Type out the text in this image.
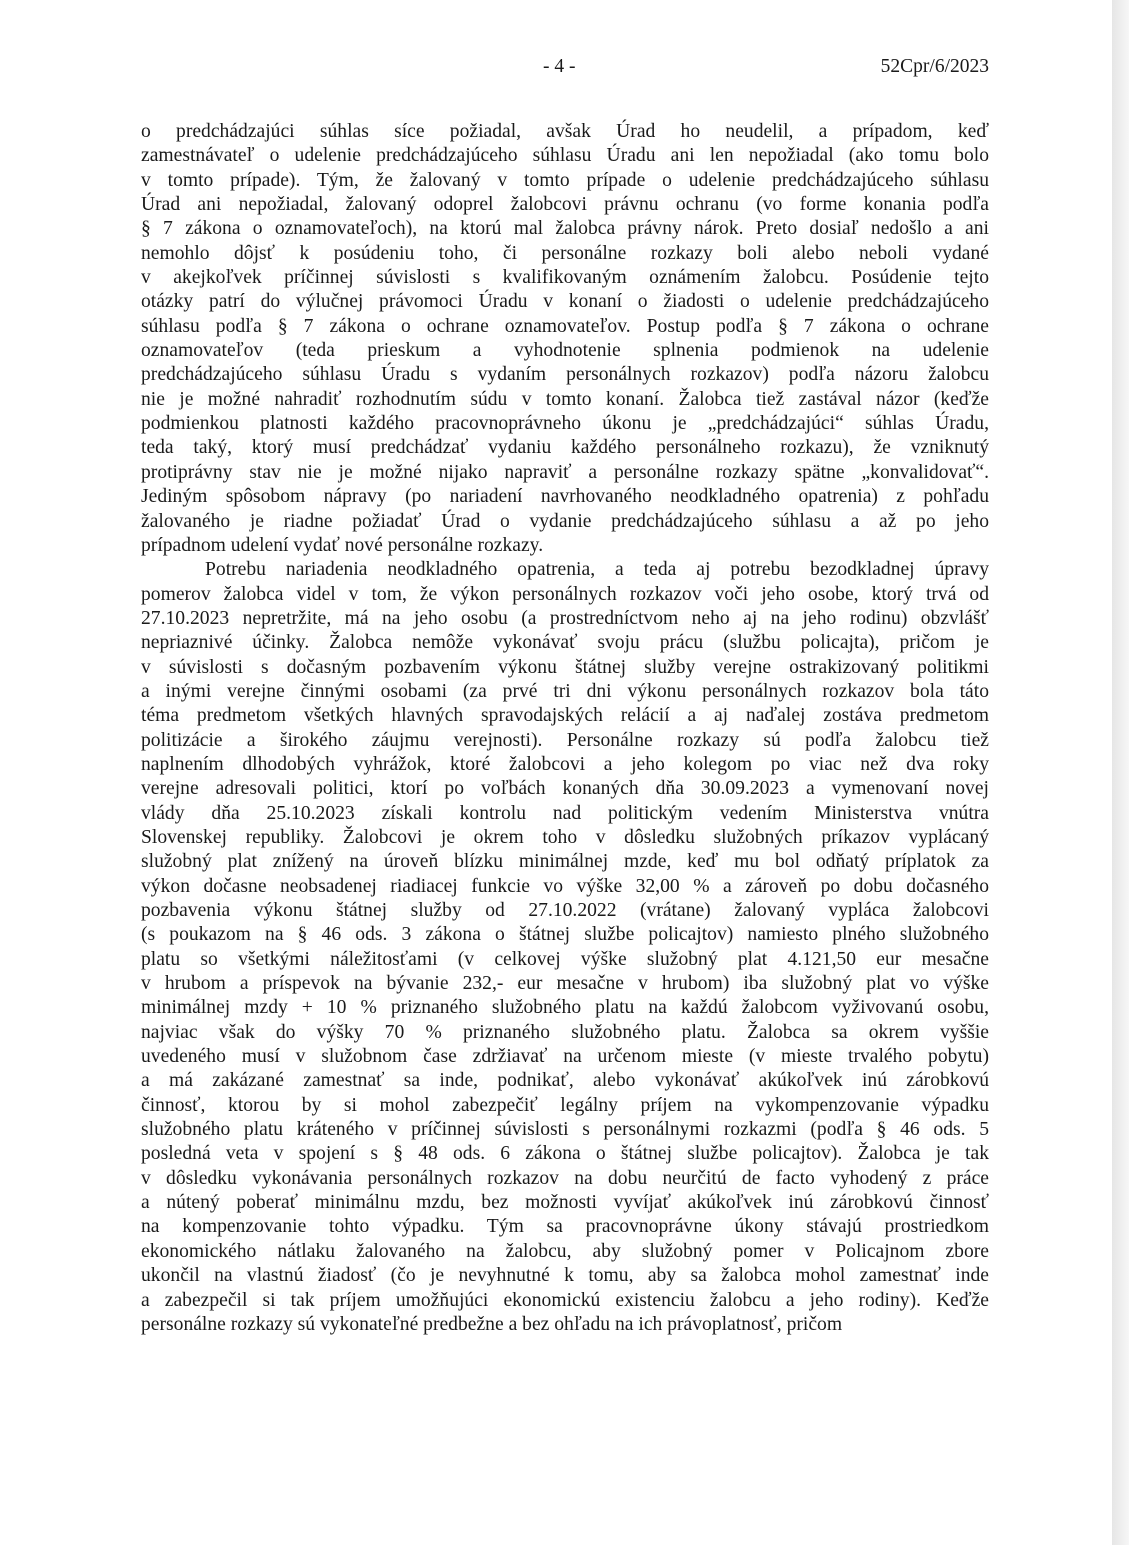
- 4 -	52Cpr/6/2023

o predchádzajúci súhlas síce požiadal, avšak Úrad ho neudelil, a prípadom, keď
zamestnávateľ o udelenie predchádzajúceho súhlasu Úradu ani len nepožiadal (ako tomu bolo
v tomto prípade). Tým, že žalovaný v tomto prípade o udelenie predchádzajúceho súhlasu
Úrad ani nepožiadal, žalovaný odoprel žalobcovi právnu ochranu (vo forme konania podľa
§ 7 zákona o oznamovateľoch), na ktorú mal žalobca právny nárok. Preto dosiaľ nedošlo a ani
nemohlo dôjsť k posúdeniu toho, či personálne rozkazy boli alebo neboli vydané
v akejkoľvek príčinnej súvislosti s kvalifikovaným oznámením žalobcu. Posúdenie tejto
otázky patrí do výlučnej právomoci Úradu v konaní o žiadosti o udelenie predchádzajúceho
súhlasu podľa § 7 zákona o ochrane oznamovateľov. Postup podľa § 7 zákona o ochrane
oznamovateľov (teda prieskum a vyhodnotenie splnenia podmienok na udelenie
predchádzajúceho súhlasu Úradu s vydaním personálnych rozkazov) podľa názoru žalobcu
nie je možné nahradiť rozhodnutím súdu v tomto konaní. Žalobca tiež zastával názor (keďže
podmienkou platnosti každého pracovnoprávneho úkonu je „predchádzajúci“ súhlas Úradu,
teda taký, ktorý musí predchádzať vydaniu každého personálneho rozkazu), že vzniknutý
protiprávny stav nie je možné nijako napraviť a personálne rozkazy spätne „konvalidovať“.
Jediným spôsobom nápravy (po nariadení navrhovaného neodkladného opatrenia) z pohľadu
žalovaného je riadne požiadať Úrad o vydanie predchádzajúceho súhlasu a až po jeho
prípadnom udelení vydať nové personálne rozkazy.

Potrebu nariadenia neodkladného opatrenia, a teda aj potrebu bezodkladnej úpravy
pomerov žalobca videl v tom, že výkon personálnych rozkazov voči jeho osobe, ktorý trvá od
27.10.2023 nepretržite, má na jeho osobu (a prostredníctvom neho aj na jeho rodinu) obzvlášť
nepriaznivé účinky. Žalobca nemôže vykonávať svoju prácu (službu policajta), pričom je
v súvislosti s dočasným pozbavením výkonu štátnej služby verejne ostrakizovaný politikmi
a inými verejne činnými osobami (za prvé tri dni výkonu personálnych rozkazov bola táto
téma predmetom všetkých hlavných spravodajských relácií a aj naďalej zostáva predmetom
politizácie a širokého záujmu verejnosti). Personálne rozkazy sú podľa žalobcu tiež
naplnením dlhodobých vyhrážok, ktoré žalobcovi a jeho kolegom po viac než dva roky
verejne adresovali politici, ktorí po voľbách konaných dňa 30.09.2023 a vymenovaní novej
vlády dňa 25.10.2023 získali kontrolu nad politickým vedením Ministerstva vnútra
Slovenskej republiky. Žalobcovi je okrem toho v dôsledku služobných príkazov vyplácaný
služobný plat znížený na úroveň blízku minimálnej mzde, keď mu bol odňatý príplatok za
výkon dočasne neobsadenej riadiacej funkcie vo výške 32,00 % a zároveň po dobu dočasného
pozbavenia výkonu štátnej služby od 27.10.2022 (vrátane) žalovaný vypláca žalobcovi
(s poukazom na § 46 ods. 3 zákona o štátnej službe policajtov) namiesto plného služobného
platu so všetkými náležitosťami (v celkovej výške služobný plat 4.121,50 eur mesačne
v hrubom a príspevok na bývanie 232,- eur mesačne v hrubom) iba služobný plat vo výške
minimálnej mzdy + 10 % priznaného služobného platu na každú žalobcom vyživovanú osobu,
najviac však do výšky 70 % priznaného služobného platu. Žalobca sa okrem vyššie
uvedeného musí v služobnom čase zdržiavať na určenom mieste (v mieste trvalého pobytu)
a má zakázané zamestnať sa inde, podnikať, alebo vykonávať akúkoľvek inú zárobkovú
činnosť, ktorou by si mohol zabezpečiť legálny príjem na vykompenzovanie výpadku
služobného platu kráteného v príčinnej súvislosti s personálnymi rozkazmi (podľa § 46 ods. 5
posledná veta v spojení s § 48 ods. 6 zákona o štátnej službe policajtov). Žalobca je tak
v dôsledku vykonávania personálnych rozkazov na dobu neurčitú de facto vyhodený z práce
a nútený poberať minimálnu mzdu, bez možnosti vyvíjať akúkoľvek inú zárobkovú činnosť
na kompenzovanie tohto výpadku. Tým sa pracovnoprávne úkony stávajú prostriedkom
ekonomického nátlaku žalovaného na žalobcu, aby služobný pomer v Policajnom zbore
ukončil na vlastnú žiadosť (čo je nevyhnutné k tomu, aby sa žalobca mohol zamestnať inde
a zabezpečil si tak príjem umožňujúci ekonomickú existenciu žalobcu a jeho rodiny). Keďže
personálne rozkazy sú vykonateľné predbežne a bez ohľadu na ich právoplatnosť, pričom
